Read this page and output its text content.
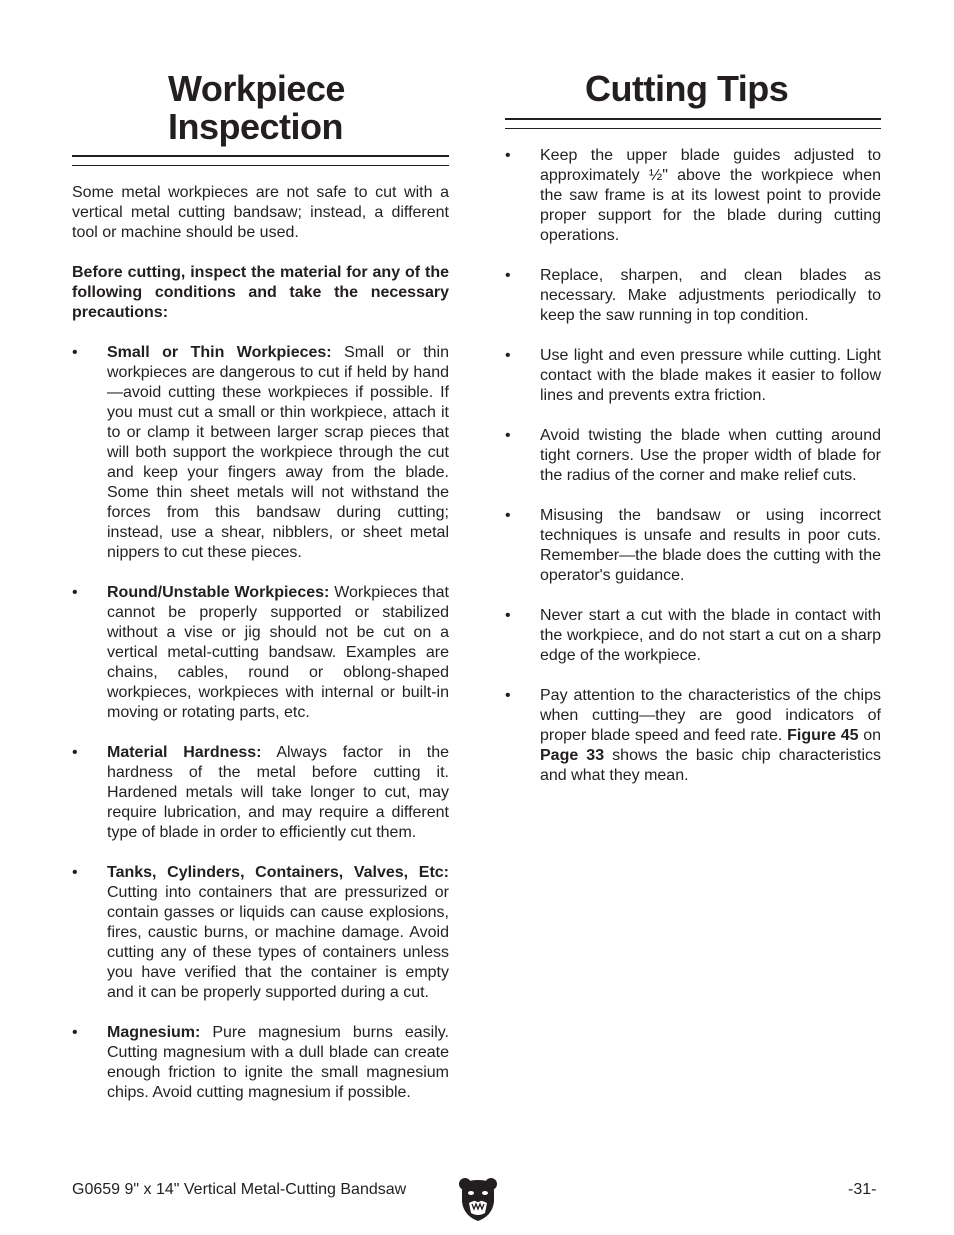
Workpiece
Inspection

Some metal workpieces are not safe to cut with a vertical metal cutting bandsaw; instead, a different tool or machine should be used.

Before cutting, inspect the material for any of the following conditions and take the necessary precautions:

• Small or Thin Workpieces: Small or thin workpieces are dangerous to cut if held by hand—avoid cutting these workpieces if possible. If you must cut a small or thin workpiece, attach it to or clamp it between larger scrap pieces that will both support the workpiece through the cut and keep your fingers away from the blade. Some thin sheet metals will not withstand the forces from this bandsaw during cutting; instead, use a shear, nibblers, or sheet metal nippers to cut these pieces.
• Round/Unstable Workpieces: Workpieces that cannot be properly supported or stabilized without a vise or jig should not be cut on a vertical metal-cutting bandsaw. Examples are chains, cables, round or oblong-shaped workpieces, workpieces with internal or built-in moving or rotating parts, etc.
• Material Hardness: Always factor in the hardness of the metal before cutting it. Hardened metals will take longer to cut, may require lubrication, and may require a different type of blade in order to efficiently cut them.
• Tanks, Cylinders, Containers, Valves, Etc: Cutting into containers that are pressurized or contain gasses or liquids can cause explosions, fires, caustic burns, or machine damage. Avoid cutting any of these types of containers unless you have verified that the container is empty and it can be properly supported during a cut.
• Magnesium: Pure magnesium burns easily. Cutting magnesium with a dull blade can create enough friction to ignite the small magnesium chips. Avoid cutting magnesium if possible.
Cutting Tips
• Keep the upper blade guides adjusted to approximately ½" above the workpiece when the saw frame is at its lowest point to provide proper support for the blade during cutting operations.
• Replace, sharpen, and clean blades as necessary. Make adjustments periodically to keep the saw running in top condition.
• Use light and even pressure while cutting. Light contact with the blade makes it easier to follow lines and prevents extra friction.
• Avoid twisting the blade when cutting around tight corners. Use the proper width of blade for the radius of the corner and make relief cuts.
• Misusing the bandsaw or using incorrect techniques is unsafe and results in poor cuts. Remember—the blade does the cutting with the operator's guidance.
• Never start a cut with the blade in contact with the workpiece, and do not start a cut on a sharp edge of the workpiece.
• Pay attention to the characteristics of the chips when cutting—they are good indicators of proper blade speed and feed rate. Figure 45 on Page 33 shows the basic chip characteristics and what they mean.
G0659 9" x 14" Vertical Metal-Cutting Bandsaw	-31-
